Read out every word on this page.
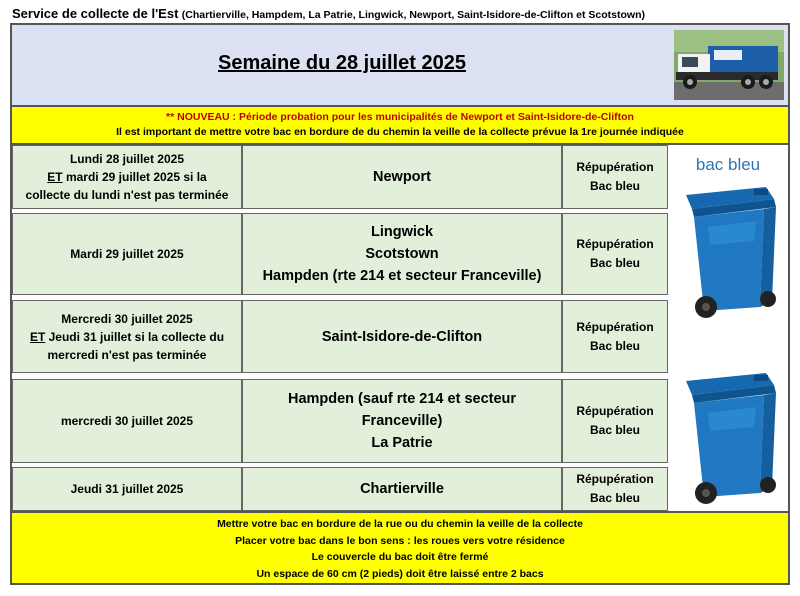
Service de collecte de l'Est (Chartierville, Hampdem, La Patrie, Lingwick, Newport, Saint-Isidore-de-Clifton et Scotstown)
Semaine du 28 juillet 2025
** NOUVEAU : Période probation pour les municipalités de Newport et Saint-Isidore-de-Clifton
Il est important de mettre votre bac en bordure de du chemin la veille de la collecte prévue la 1re journée indiquée
Lundi 28 juillet 2025
ET mardi 29 juillet 2025 si la
collecte du lundi n'est pas terminée
Newport
Répupération
Bac bleu
Mardi 29 juillet 2025
Lingwick
Scotstown
Hampden (rte 214 et secteur Franceville)
Répupération
Bac bleu
Mercredi 30 juillet 2025
ET Jeudi 31 juillet si la collecte du
mercredi n'est pas terminée
Saint-Isidore-de-Clifton
Répupération
Bac bleu
mercredi 30 juillet 2025
Hampden (sauf rte 214 et secteur
Franceville)
La Patrie
Répupération
Bac bleu
Jeudi 31 juillet 2025	Chartierville
Répupération
Bac bleu
bac bleu
Mettre votre bac en bordure de la rue ou du chemin la veille de la collecte
Placer votre bac dans le bon sens : les roues vers votre résidence
Le couvercle du bac doit être fermé
Un espace de 60 cm (2 pieds) doit être laissé entre 2 bacs
